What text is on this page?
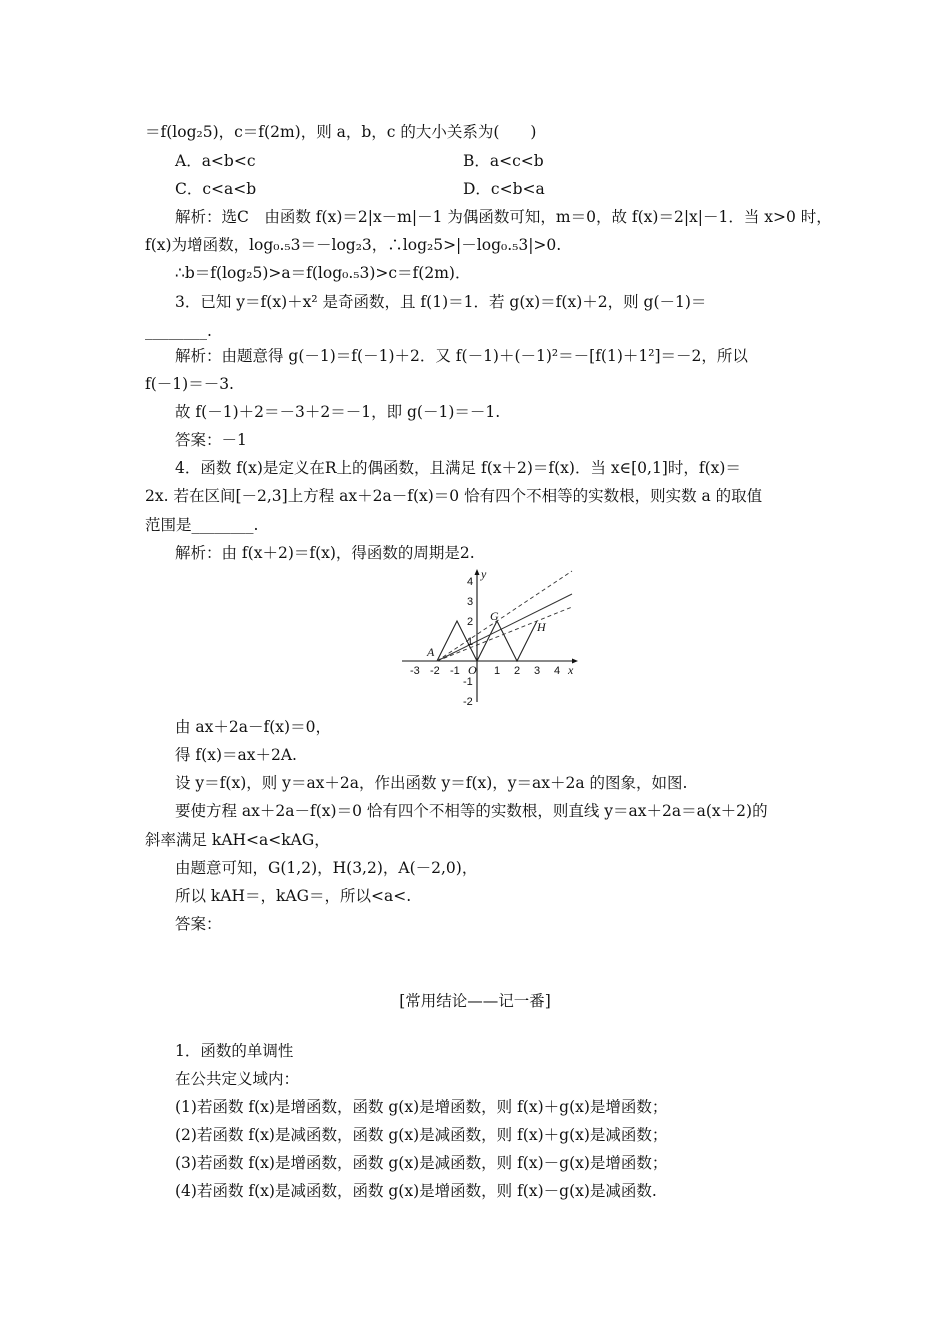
＝f(log₂5)，c＝f(2m)，则 a，b，c 的大小关系为(　　)
A．a<b<c	B．a<c<b
C．c<a<b	D．c<b<a
解析：选C　由函数 f(x)＝2|x－m|－1 为偶函数可知，m＝0，故 f(x)＝2|x|－1．当 x>0 时，
f(x)为增函数，log₀.₅3＝－log₂3，∴log₂5>|－log₀.₅3|>0.
∴b＝f(log₂5)>a＝f(log₀.₅3)>c＝f(2m)．
3．已知 y＝f(x)＋x² 是奇函数，且 f(1)＝1．若 g(x)＝f(x)＋2，则 g(－1)＝
________.
解析：由题意得 g(－1)＝f(－1)＋2．又 f(－1)＋(－1)²＝－[f(1)＋1²]＝－2，所以
f(－1)＝－3.
故 f(－1)＋2＝－3＋2＝－1，即 g(－1)＝－1.
答案：－1
4．函数 f(x)是定义在R上的偶函数，且满足 f(x＋2)＝f(x)．当 x∈[0,1]时，f(x)＝
2x. 若在区间[－2,3]上方程 ax＋2a－f(x)＝0 恰有四个不相等的实数根，则实数 a 的取值
范围是________.
解析：由 f(x＋2)＝f(x)，得函数的周期是2.
-3 -2 -1 O 1 2 3 4
4
3
2
1
-1
-2
x
y
A
G
H
由 ax＋2a－f(x)＝0，
得 f(x)＝ax＋2A.
设 y＝f(x)，则 y＝ax＋2a，作出函数 y＝f(x)，y＝ax＋2a 的图象，如图.
要使方程 ax＋2a－f(x)＝0 恰有四个不相等的实数根，则直线 y＝ax＋2a＝a(x＋2)的
斜率满足 kAH<a<kAG，
由题意可知，G(1,2)，H(3,2)，A(－2,0)，
所以 kAH＝，kAG＝，所以<a<.
答案：
[常用结论——记一番]
1．函数的单调性
在公共定义域内：
(1)若函数 f(x)是增函数，函数 g(x)是增函数，则 f(x)＋g(x)是增函数；
(2)若函数 f(x)是减函数，函数 g(x)是减函数，则 f(x)＋g(x)是减函数；
(3)若函数 f(x)是增函数，函数 g(x)是减函数，则 f(x)－g(x)是增函数；
(4)若函数 f(x)是减函数，函数 g(x)是增函数，则 f(x)－g(x)是减函数.
